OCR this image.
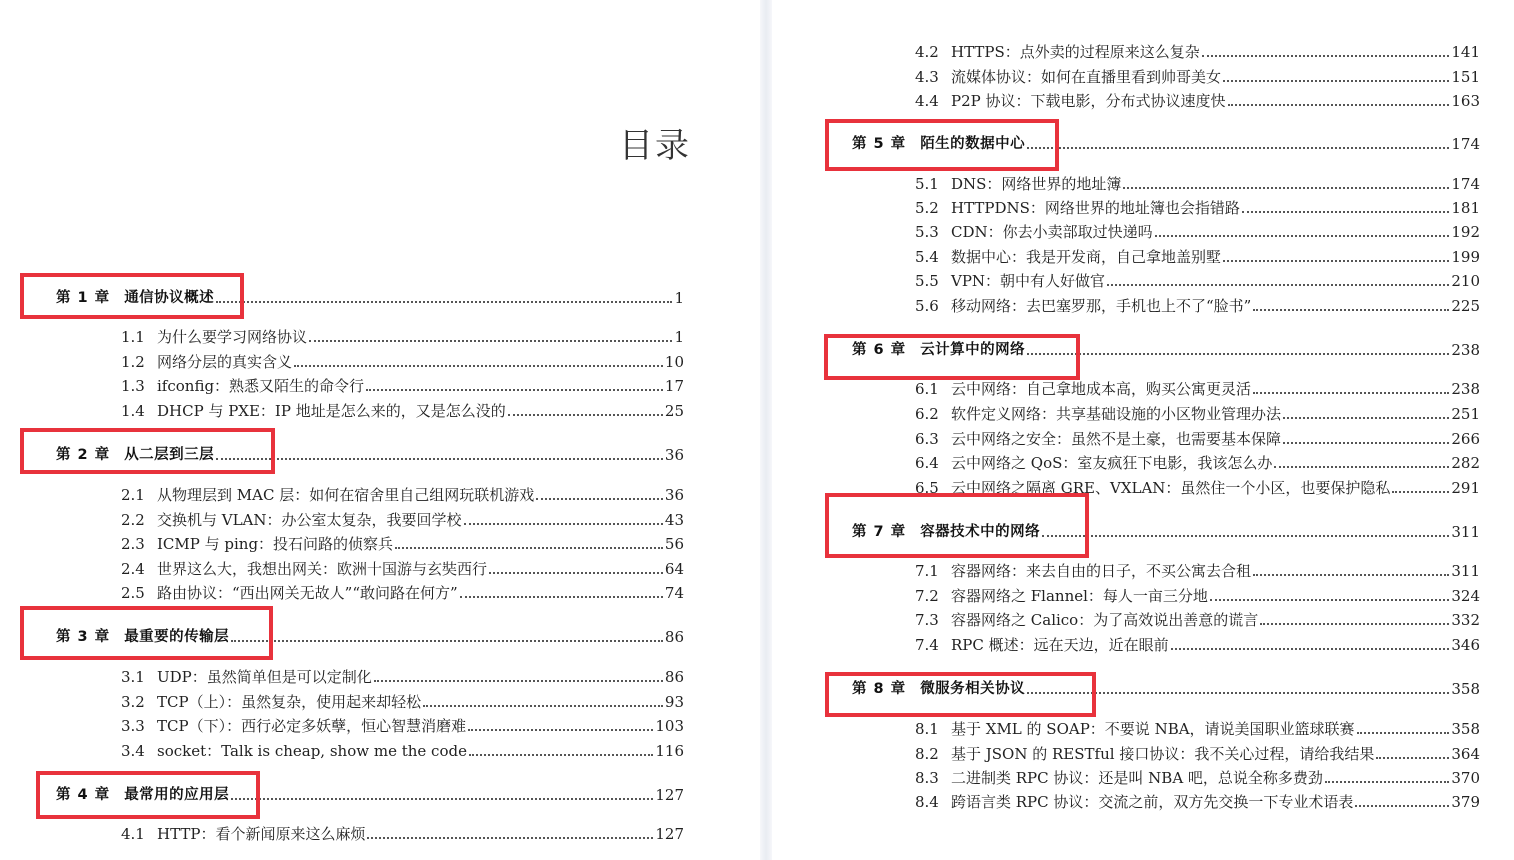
目录
第 1 章 通信协议概述	1
1.1 为什么要学习网络协议	1
1.2 网络分层的真实含义	10
1.3 ifconfig：熟悉又陌生的命令行	17
1.4 DHCP 与 PXE：IP 地址是怎么来的，又是怎么没的	25
第 2 章 从二层到三层	36
2.1 从物理层到 MAC 层：如何在宿舍里自己组网玩联机游戏	36
2.2 交换机与 VLAN：办公室太复杂，我要回学校	43
2.3 ICMP 与 ping：投石问路的侦察兵	56
2.4 世界这么大，我想出网关：欧洲十国游与玄奘西行	64
2.5 路由协议：“西出网关无故人”“敢问路在何方”	74
第 3 章 最重要的传输层	86
3.1 UDP：虽然简单但是可以定制化	86
3.2 TCP（上）：虽然复杂，使用起来却轻松	93
3.3 TCP（下）：西行必定多妖孽，恒心智慧消磨难	103
3.4 socket：Talk is cheap, show me the code	116
第 4 章 最常用的应用层	127
4.1 HTTP：看个新闻原来这么麻烦	127
4.2 HTTPS：点外卖的过程原来这么复杂	141
4.3 流媒体协议：如何在直播里看到帅哥美女	151
4.4 P2P 协议：下载电影，分布式协议速度快	163
第 5 章 陌生的数据中心	174
5.1 DNS：网络世界的地址簿	174
5.2 HTTPDNS：网络世界的地址簿也会指错路	181
5.3 CDN：你去小卖部取过快递吗	192
5.4 数据中心：我是开发商，自己拿地盖别墅	199
5.5 VPN：朝中有人好做官	210
5.6 移动网络：去巴塞罗那，手机也上不了“脸书”	225
第 6 章 云计算中的网络	238
6.1 云中网络：自己拿地成本高，购买公寓更灵活	238
6.2 软件定义网络：共享基础设施的小区物业管理办法	251
6.3 云中网络之安全：虽然不是土豪，也需要基本保障	266
6.4 云中网络之 QoS：室友疯狂下电影，我该怎么办	282
6.5 云中网络之隔离 GRE、VXLAN：虽然住一个小区，也要保护隐私	291
第 7 章 容器技术中的网络	311
7.1 容器网络：来去自由的日子，不买公寓去合租	311
7.2 容器网络之 Flannel：每人一亩三分地	324
7.3 容器网络之 Calico：为了高效说出善意的谎言	332
7.4 RPC 概述：远在天边，近在眼前	346
第 8 章 微服务相关协议	358
8.1 基于 XML 的 SOAP：不要说 NBA，请说美国职业篮球联赛	358
8.2 基于 JSON 的 RESTful 接口协议：我不关心过程，请给我结果	364
8.3 二进制类 RPC 协议：还是叫 NBA 吧，总说全称多费劲	370
8.4 跨语言类 RPC 协议：交流之前，双方先交换一下专业术语表	379
